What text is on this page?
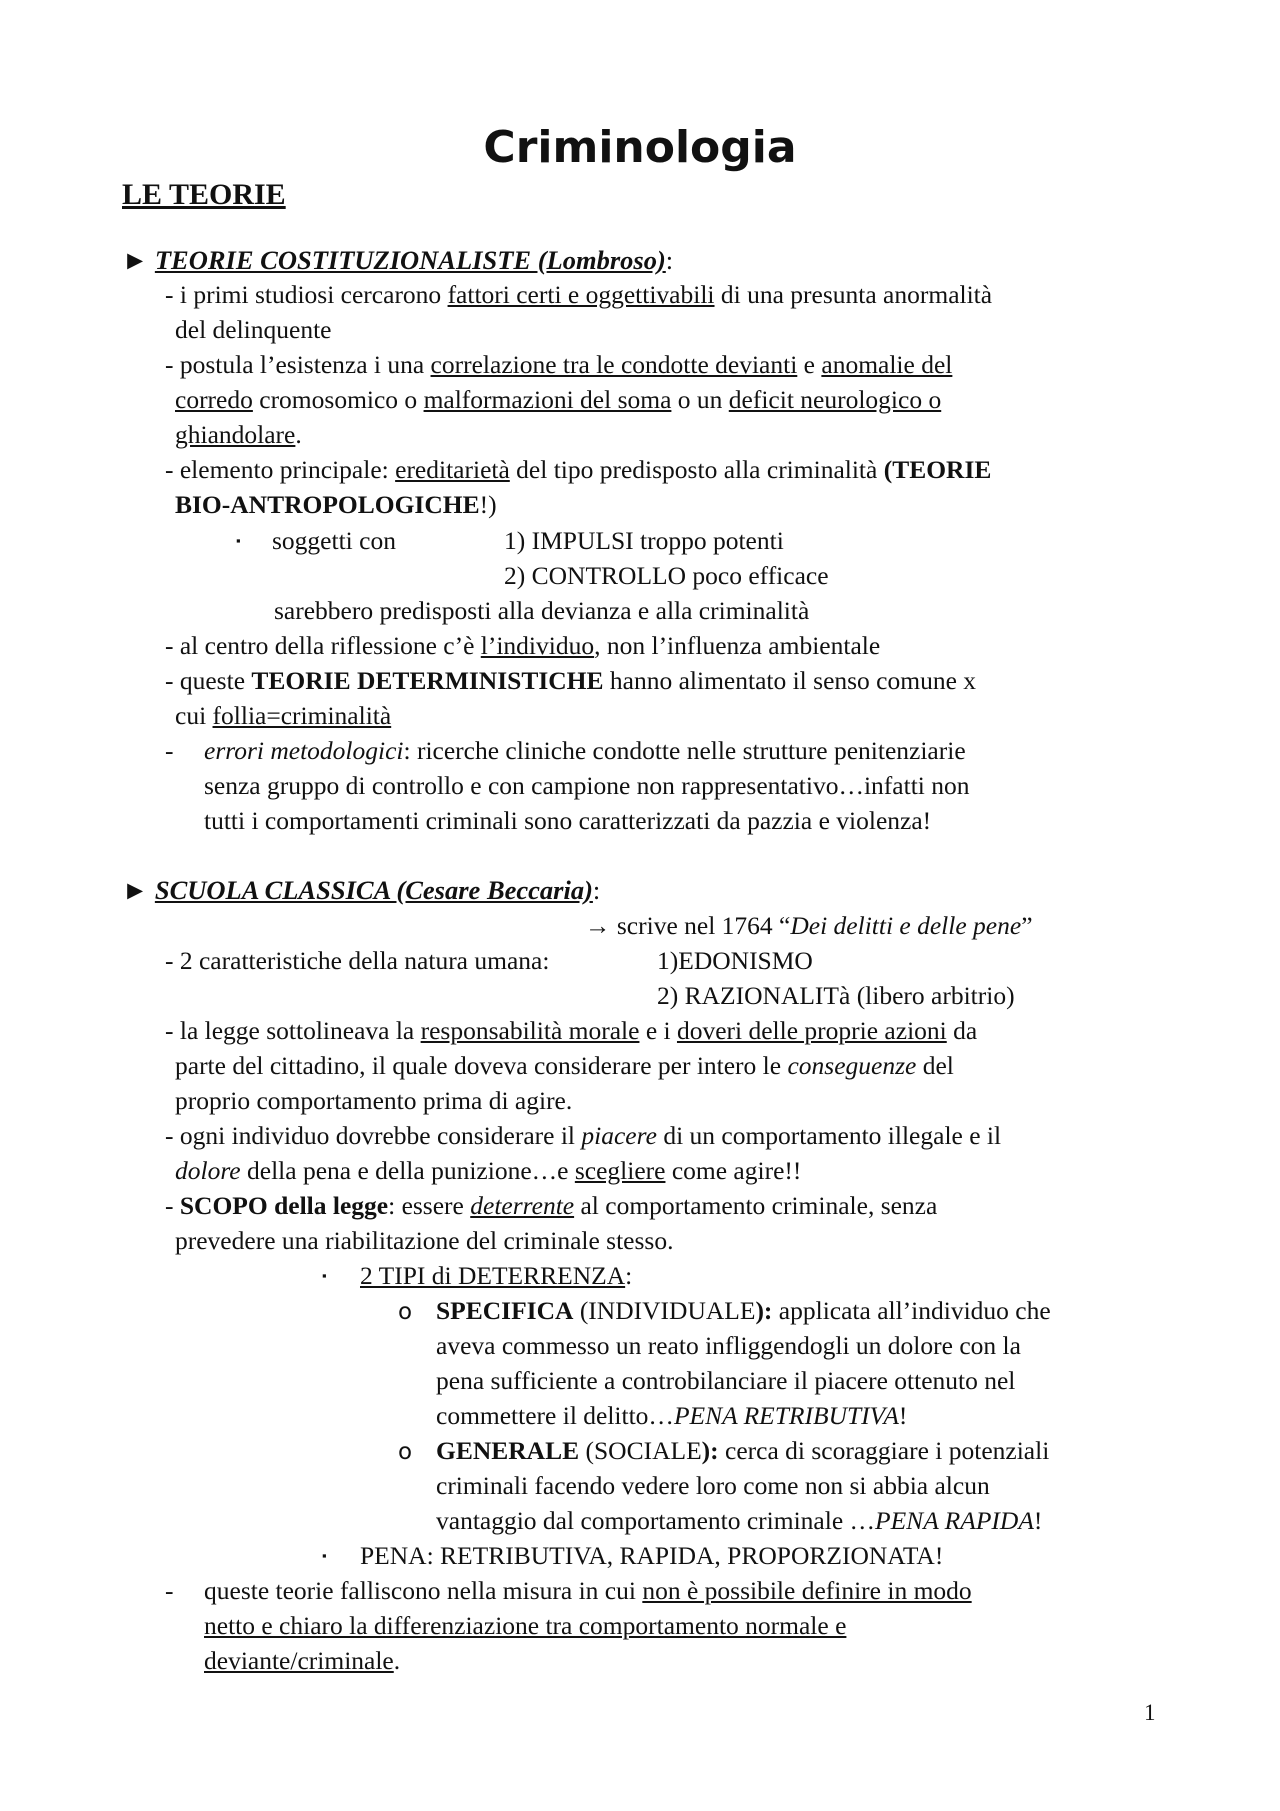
Criminologia
LE TEORIE
► TEORIE COSTITUZIONALISTE (Lombroso):
- i primi studiosi cercarono fattori certi e oggettivabili di una presunta anormalità
del delinquente
- postula l’esistenza i una correlazione tra le condotte devianti e anomalie del
corredo cromosomico o malformazioni del soma o un deficit neurologico o
ghiandolare.
- elemento principale: ereditarietà del tipo predisposto alla criminalità (TEORIE
BIO-ANTROPOLOGICHE!)
▪ soggetti con	1) IMPULSI troppo potenti
2) CONTROLLO poco efficace
sarebbero predisposti alla devianza e alla criminalità
- al centro della riflessione c’è l’individuo, non l’influenza ambientale
- queste TEORIE DETERMINISTICHE hanno alimentato il senso comune x
cui follia=criminalità
- errori metodologici: ricerche cliniche condotte nelle strutture penitenziarie
senza gruppo di controllo e con campione non rappresentativo…infatti non
tutti i comportamenti criminali sono caratterizzati da pazzia e violenza!
► SCUOLA CLASSICA (Cesare Beccaria):
→ scrive nel 1764 “Dei delitti e delle pene”
- 2 caratteristiche della natura umana:	1)EDONISMO
2) RAZIONALITà (libero arbitrio)
- la legge sottolineava la responsabilità morale e i doveri delle proprie azioni da
parte del cittadino, il quale doveva considerare per intero le conseguenze del
proprio comportamento prima di agire.
- ogni individuo dovrebbe considerare il piacere di un comportamento illegale e il
dolore della pena e della punizione…e scegliere come agire!!
- SCOPO della legge: essere deterrente al comportamento criminale, senza
prevedere una riabilitazione del criminale stesso.
▪ 2 TIPI di DETERRENZA:
o SPECIFICA (INDIVIDUALE): applicata all’individuo che
aveva commesso un reato infliggendogli un dolore con la
pena sufficiente a controbilanciare il piacere ottenuto nel
commettere il delitto…PENA RETRIBUTIVA!
o GENERALE (SOCIALE): cerca di scoraggiare i potenziali
criminali facendo vedere loro come non si abbia alcun
vantaggio dal comportamento criminale …PENA RAPIDA!
▪ PENA: RETRIBUTIVA, RAPIDA, PROPORZIONATA!
- queste teorie falliscono nella misura in cui non è possibile definire in modo
netto e chiaro la differenziazione tra comportamento normale e
deviante/criminale.
1
